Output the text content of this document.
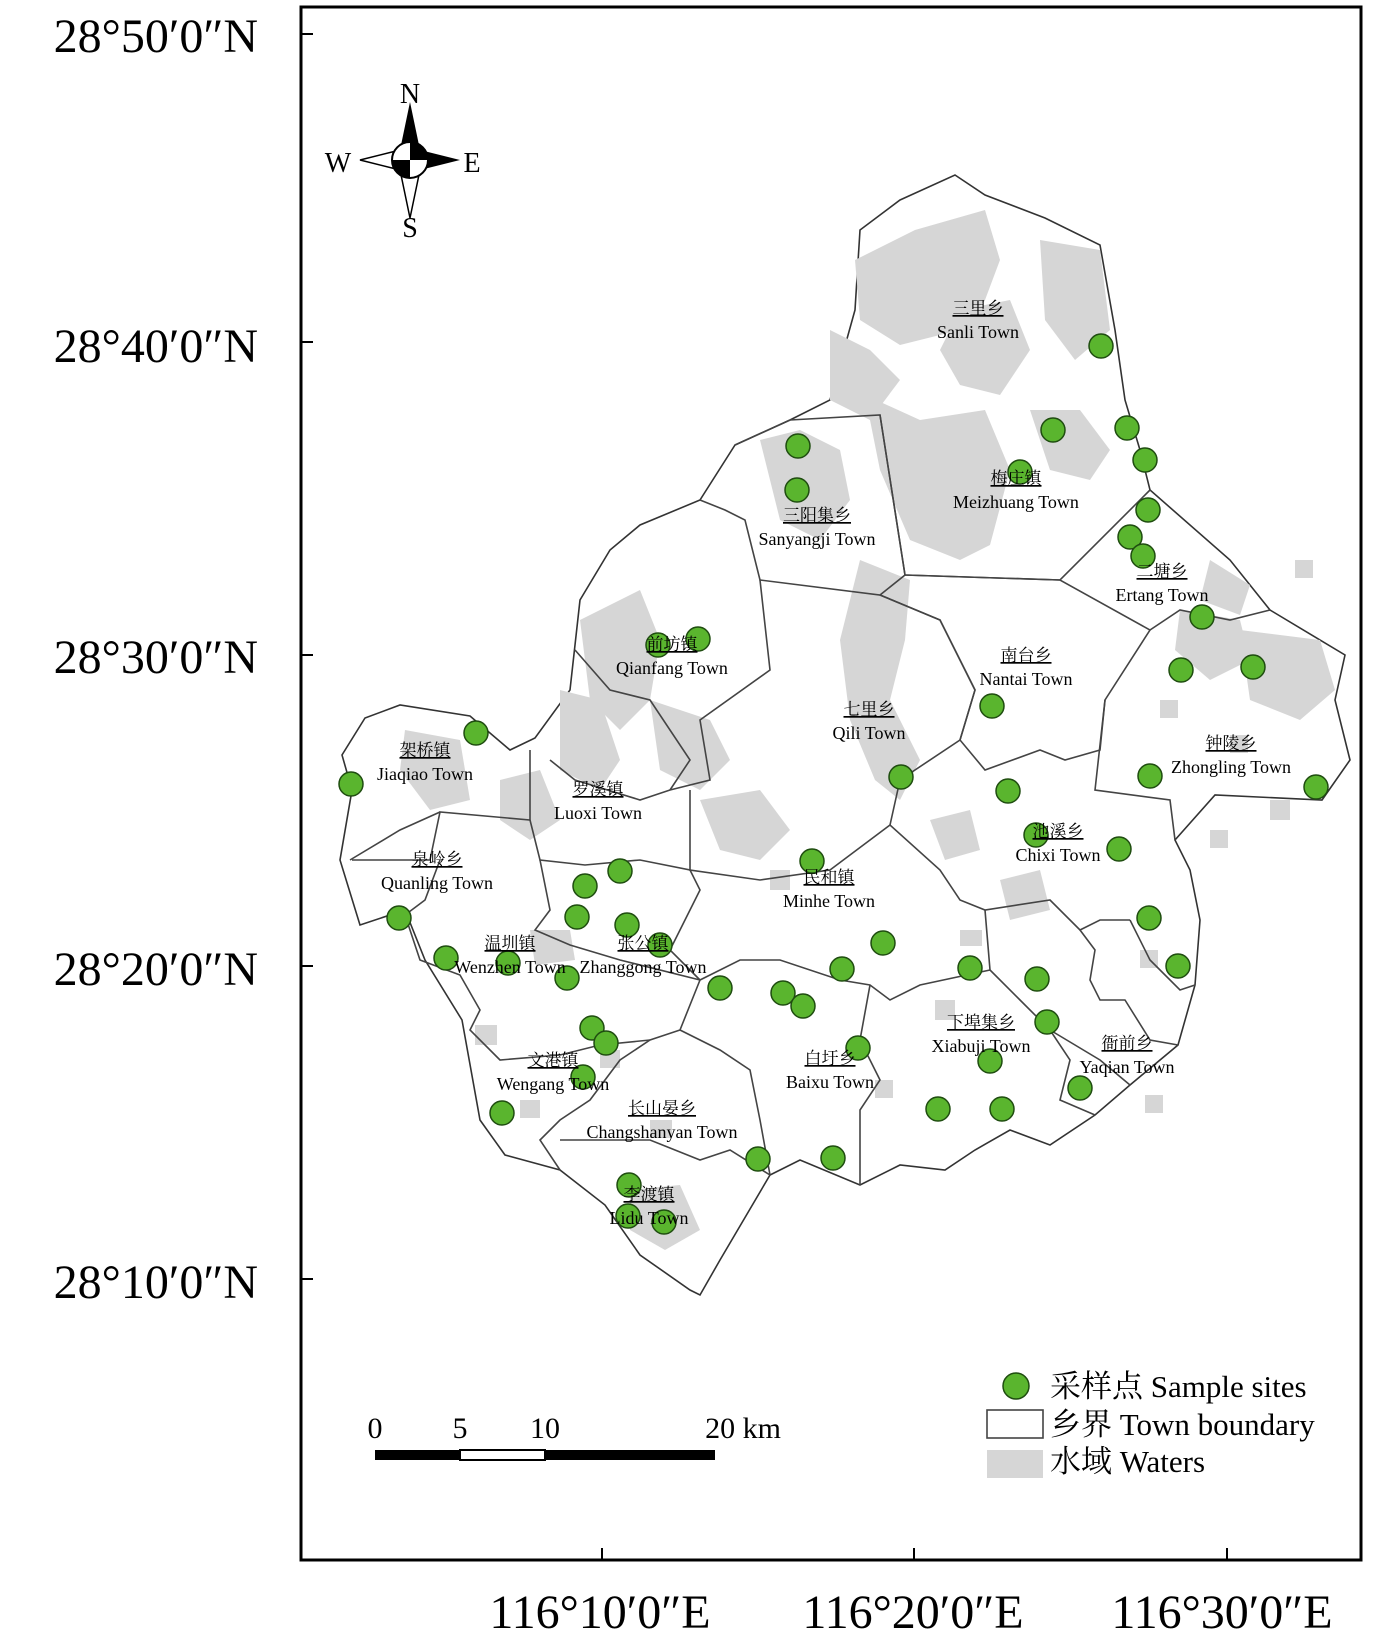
28°50′0″N
28°40′0″N
28°30′0″N
28°20′0″N
28°10′0″N
116°10′0″E 116°20′0″E 116°30′0″E
N
S
W	E
三里乡
Sanli Town
梅庄镇
Meizhuang Town
三阳集乡
Sanyangji Town
二塘乡
Ertang Town
前坊镇
Qianfang Town
南台乡
Nantai Town
七里乡
Qili Town
钟陵乡
Zhongling Town
架桥镇
Jiaqiao Town
罗溪镇
Luoxi Town
池溪乡
Chixi Town
泉岭乡
Quanling Town	民和镇
Minhe Town
温圳镇
Wenzhen Town
张公镇
Zhanggong Town
下埠集乡
Xiabuji Town	衙前乡
Yaqian Town
白圩乡
Baixu Town
文港镇
Wengang Town
长山晏乡
Changshanyan Town
李渡镇
Lidu Town
0 5 10	20 km
采样点 Sample sites
乡界 Town boundary
水域 Waters
